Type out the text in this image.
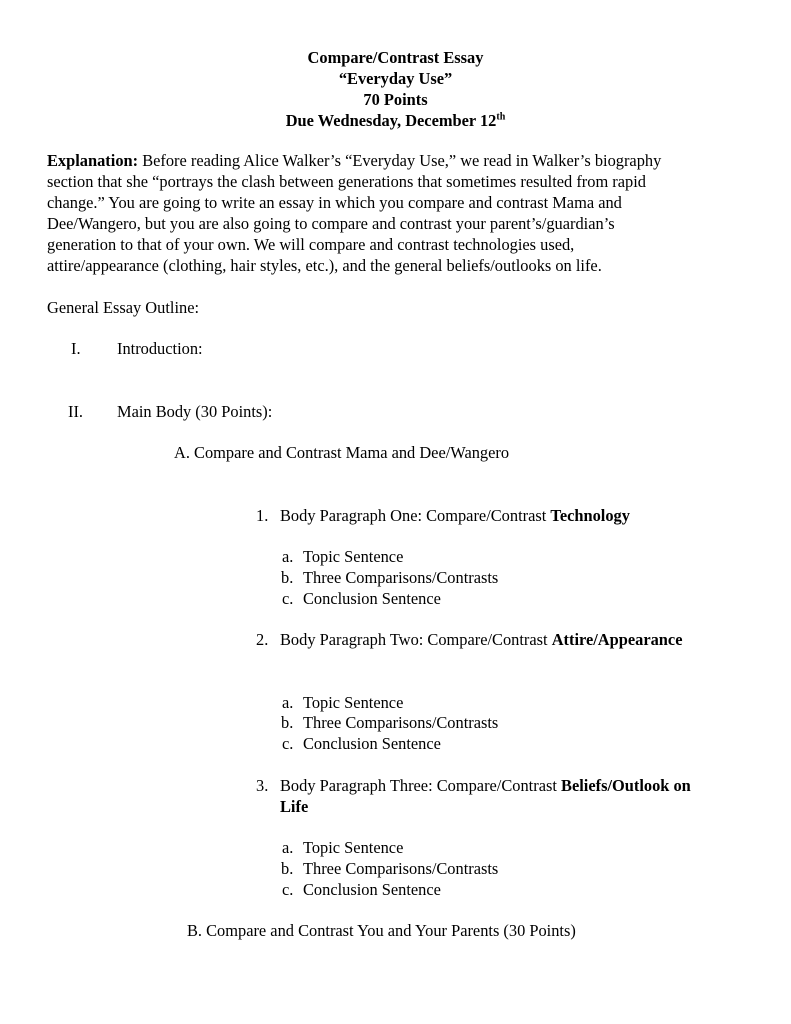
Compare/Contrast Essay
“Everyday Use”
70 Points
Due Wednesday, December 12th
Explanation: Before reading Alice Walker’s “Everyday Use,” we read in Walker’s biography
section that she “portrays the clash between generations that sometimes resulted from rapid
change.” You are going to write an essay in which you compare and contrast Mama and
Dee/Wangero, but you are also going to compare and contrast your parent’s/guardian’s
generation to that of your own. We will compare and contrast technologies used,
attire/appearance (clothing, hair styles, etc.), and the general beliefs/outlooks on life.
General Essay Outline:
I. Introduction:
II. Main Body (30 Points):
A. Compare and Contrast Mama and Dee/Wangero
1. Body Paragraph One: Compare/Contrast Technology
a. Topic Sentence
b. Three Comparisons/Contrasts
c. Conclusion Sentence
2. Body Paragraph Two: Compare/Contrast Attire/Appearance
a. Topic Sentence
b. Three Comparisons/Contrasts
c. Conclusion Sentence
3. Body Paragraph Three: Compare/Contrast Beliefs/Outlook on
Life
a. Topic Sentence
b. Three Comparisons/Contrasts
c. Conclusion Sentence
B. Compare and Contrast You and Your Parents (30 Points)
